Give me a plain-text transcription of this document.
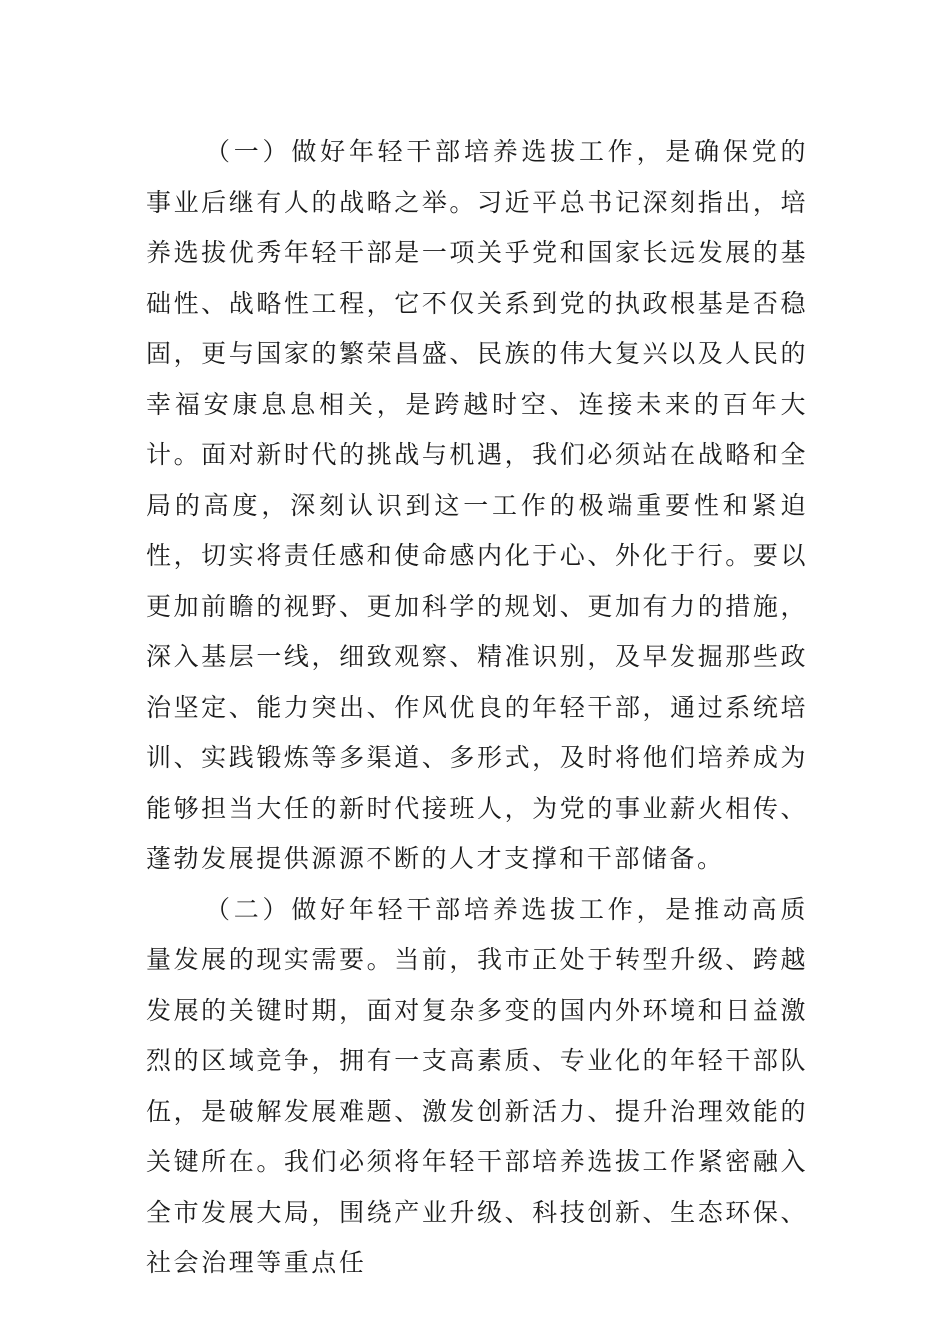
（一）做好年轻干部培养选拔工作，是确保党的事业后继有人的战略之举。习近平总书记深刻指出，培养选拔优秀年轻干部是一项关乎党和国家长远发展的基础性、战略性工程，它不仅关系到党的执政根基是否稳固，更与国家的繁荣昌盛、民族的伟大复兴以及人民的幸福安康息息相关，是跨越时空、连接未来的百年大计。面对新时代的挑战与机遇，我们必须站在战略和全局的高度，深刻认识到这一工作的极端重要性和紧迫性，切实将责任感和使命感内化于心、外化于行。要以更加前瞻的视野、更加科学的规划、更加有力的措施，深入基层一线，细致观察、精准识别，及早发掘那些政治坚定、能力突出、作风优良的年轻干部，通过系统培训、实践锻炼等多渠道、多形式，及时将他们培养成为能够担当大任的新时代接班人，为党的事业薪火相传、蓬勃发展提供源源不断的人才支撑和干部储备。

（二）做好年轻干部培养选拔工作，是推动高质量发展的现实需要。当前，我市正处于转型升级、跨越发展的关键时期，面对复杂多变的国内外环境和日益激烈的区域竞争，拥有一支高素质、专业化的年轻干部队伍，是破解发展难题、激发创新活力、提升治理效能的关键所在。我们必须将年轻干部培养选拔工作紧密融入全市发展大局，围绕产业升级、科技创新、生态环保、社会治理等重点任
